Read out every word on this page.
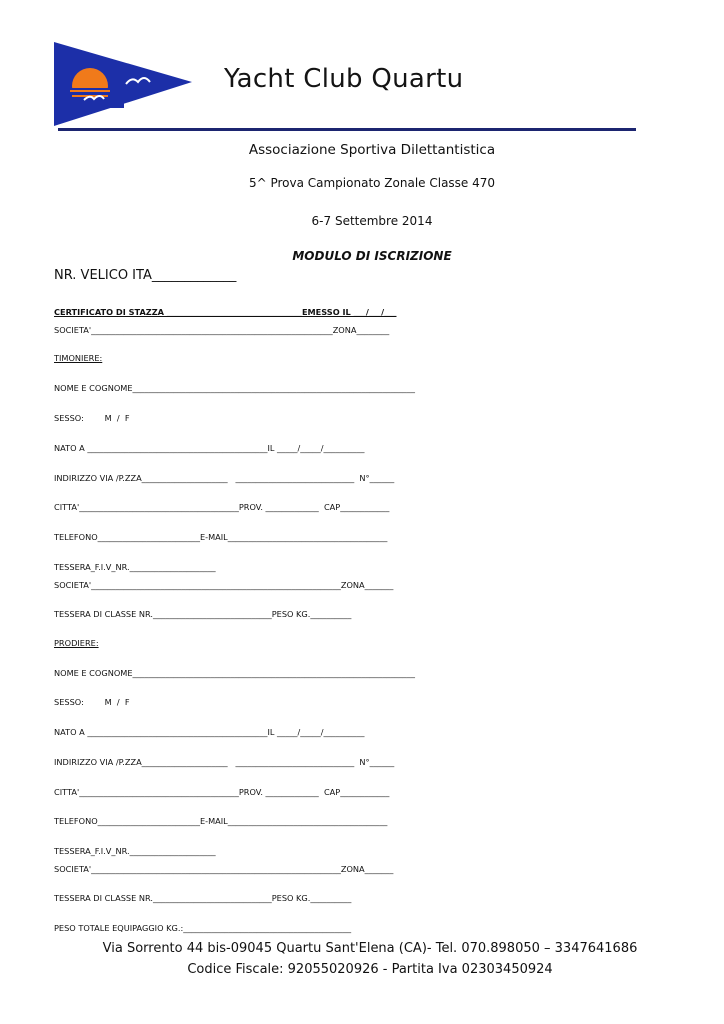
Yacht Club Quartu
Associazione Sportiva Dilettantistica
5^ Prova Campionato Zonale Classe 470
6-7 Settembre 2014
MODULO DI ISCRIZIONE
NR. VELICO ITA_____________
CERTIFICATO DI STAZZA _________________________________EMESSO IL ___/___/___
SOCIETA'___________________________________________________________ZONA________
TIMONIERE:
NOME E COGNOME_____________________________________________________________________
SESSO:        M  /  F
NATO A ____________________________________________IL _____/_____/__________
INDIRIZZO VIA /P.ZZA_____________________   _____________________________  N°______
CITTA'_______________________________________PROV. _____________  CAP____________
TELEFONO_________________________E-MAIL_______________________________________
TESSERA_F.I.V_NR._____________________
SOCIETA'_____________________________________________________________ZONA_______
TESSERA DI CLASSE NR._____________________________PESO KG.__________
PRODIERE:
NOME E COGNOME_____________________________________________________________________
SESSO:        M  /  F
NATO A ____________________________________________IL _____/_____/__________
INDIRIZZO VIA /P.ZZA_____________________   _____________________________  N°______
CITTA'_______________________________________PROV. _____________  CAP____________
TELEFONO_________________________E-MAIL_______________________________________
TESSERA_F.I.V_NR._____________________
SOCIETA'_____________________________________________________________ZONA_______
TESSERA DI CLASSE NR._____________________________PESO KG.__________
PESO TOTALE EQUIPAGGIO KG.:_________________________________________
Via Sorrento 44 bis-09045 Quartu Sant'Elena (CA)- Tel. 070.898050 – 3347641686
Codice Fiscale: 92055020926 - Partita Iva 02303450924
